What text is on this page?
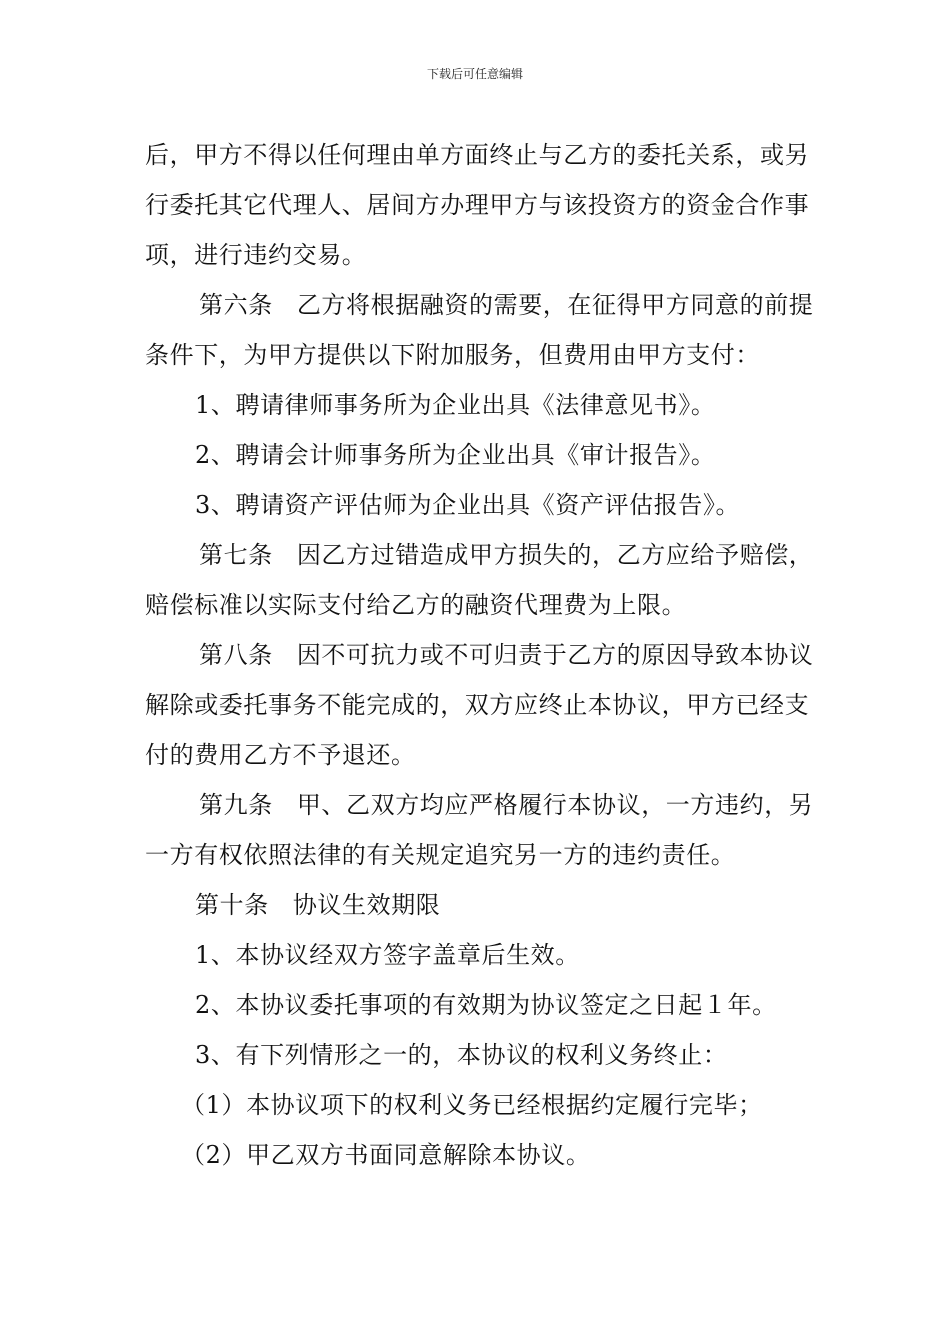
下载后可任意编辑

后，甲方不得以任何理由单方面终止与乙方的委托关系，或另行委托其它代理人、居间方办理甲方与该投资方的资金合作事项，进行违约交易。

第六条 乙方将根据融资的需要，在征得甲方同意的前提条件下，为甲方提供以下附加服务，但费用由甲方支付：

1、聘请律师事务所为企业出具《法律意见书》。

2、聘请会计师事务所为企业出具《审计报告》。

3、聘请资产评估师为企业出具《资产评估报告》。

第七条 因乙方过错造成甲方损失的，乙方应给予赔偿，赔偿标准以实际支付给乙方的融资代理费为上限。

第八条 因不可抗力或不可归责于乙方的原因导致本协议解除或委托事务不能完成的，双方应终止本协议，甲方已经支付的费用乙方不予退还。

第九条 甲、乙双方均应严格履行本协议，一方违约，另一方有权依照法律的有关规定追究另一方的违约责任。

第十条 协议生效期限

1、本协议经双方签字盖章后生效。

2、本协议委托事项的有效期为协议签定之日起１年。

3、有下列情形之一的，本协议的权利义务终止：

（1）本协议项下的权利义务已经根据约定履行完毕；

（2）甲乙双方书面同意解除本协议。
